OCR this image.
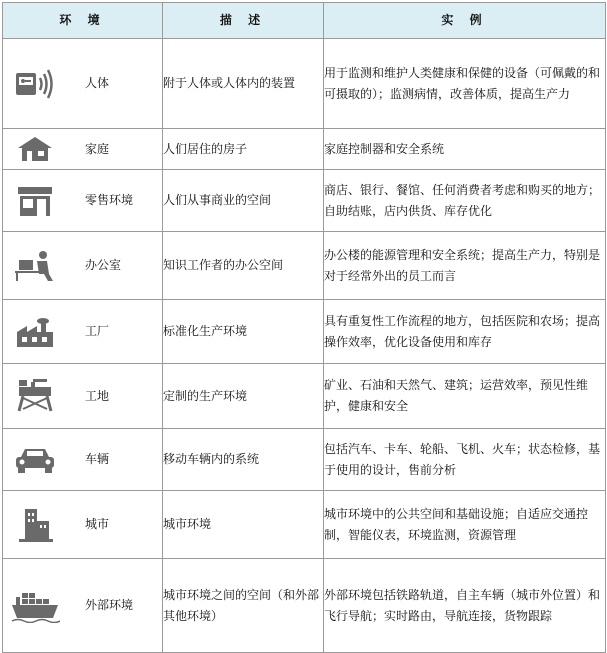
环 境	描 述	实 例

人体	附于人体或人体内的装置	用于监测和维护人类健康和保健的设备（可佩戴的和可摄取的）；监测病情，改善体质，提高生产力

家庭	人们居住的房子	家庭控制器和安全系统

零售环境	人们从事商业的空间	商店、银行、餐馆、任何消费者考虑和购买的地方；自助结账，店内供货、库存优化

办公室	知识工作者的办公空间	办公楼的能源管理和安全系统；提高生产力，特别是对于经常外出的员工而言

工厂	标准化生产环境	具有重复性工作流程的地方，包括医院和农场；提高操作效率，优化设备使用和库存

工地	定制的生产环境	矿业、石油和天然气、建筑；运营效率，预见性维护，健康和安全

车辆	移动车辆内的系统	包括汽车、卡车、轮船、飞机、火车；状态检修，基于使用的设计，售前分析

城市	城市环境	城市环境中的公共空间和基础设施；自适应交通控制，智能仪表，环境监测，资源管理

外部环境	城市环境之间的空间（和外部其他环境）	外部环境包括铁路轨道，自主车辆（城市外位置）和飞行导航；实时路由，导航连接，货物跟踪
